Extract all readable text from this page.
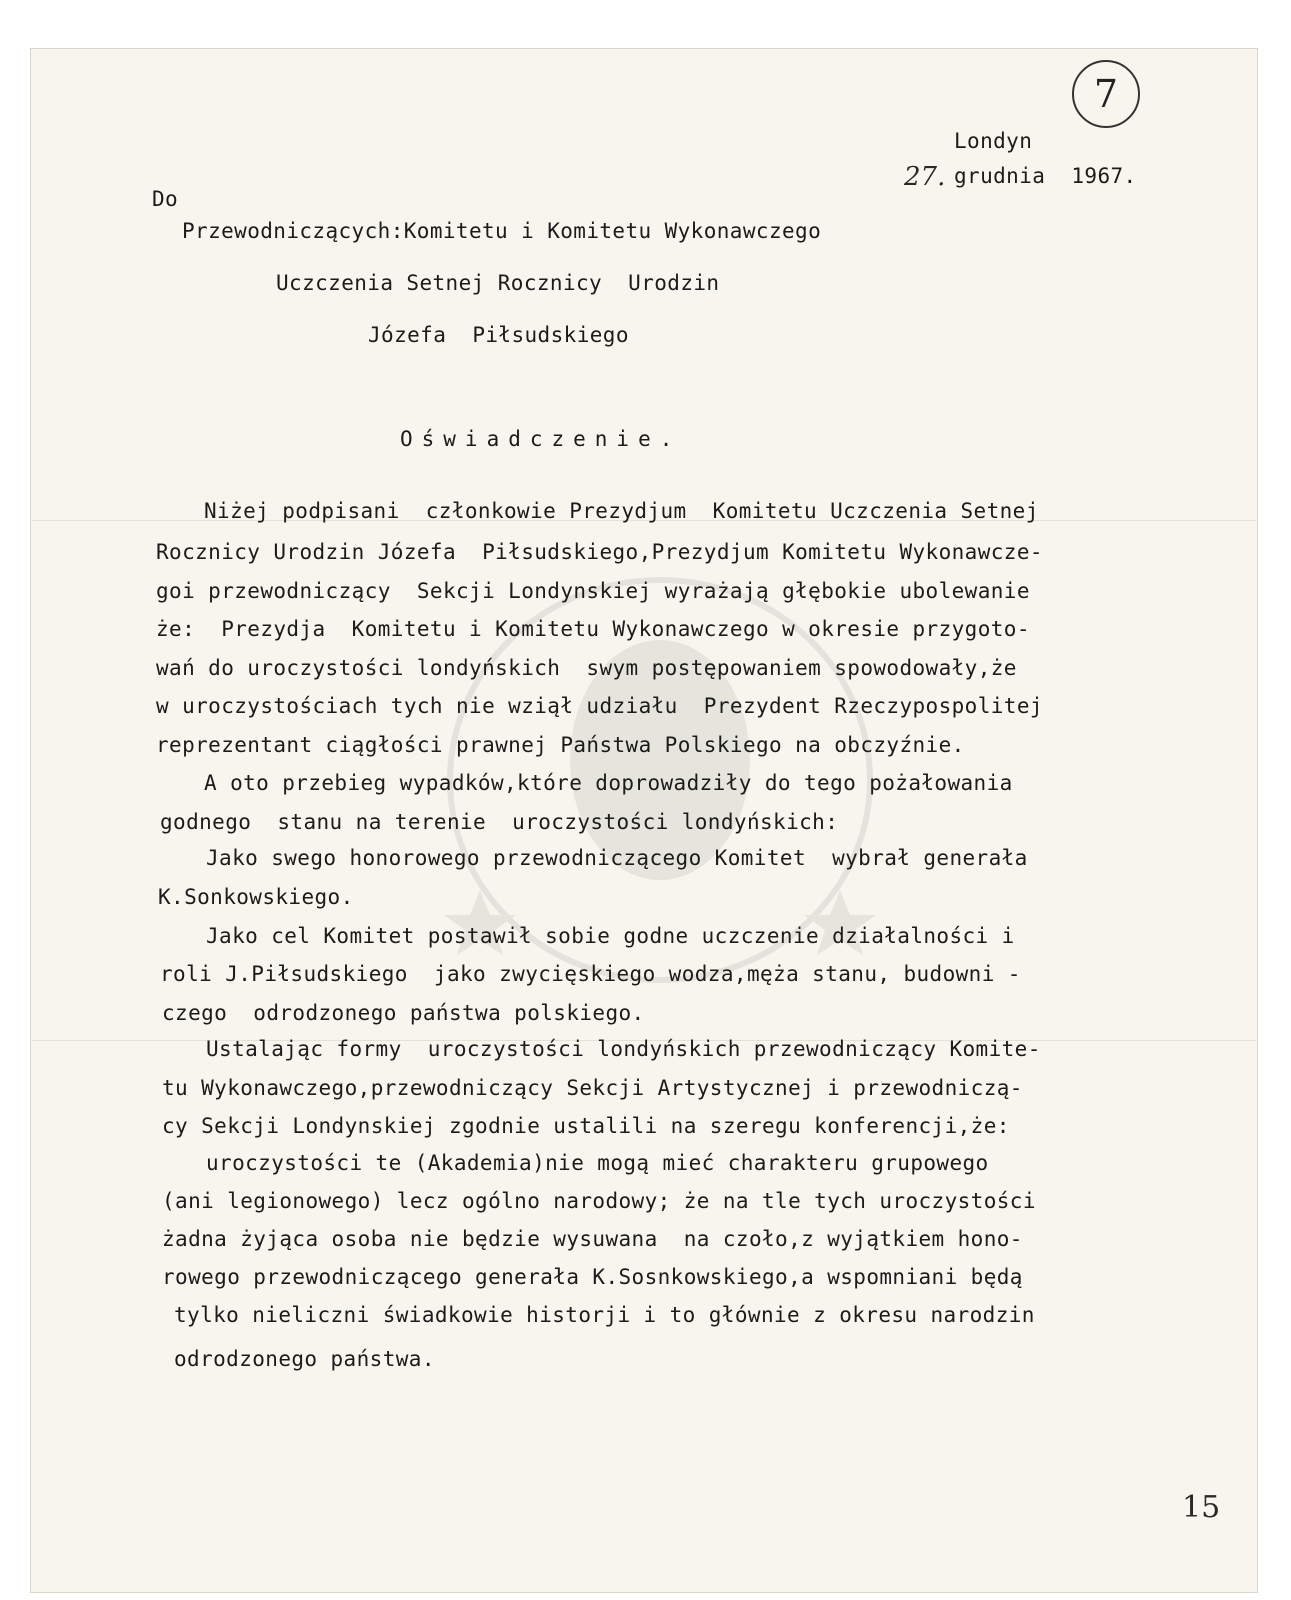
7
Londyn
27. grudnia  1967.
Do
Przewodniczących:Komitetu i Komitetu Wykonawczego
Uczczenia Setnej Rocznicy  Urodzin
Józefa  Piłsudskiego
Oświadczenie.
Niżej podpisani  członkowie Prezydjum  Komitetu Uczczenia Setnej
Rocznicy Urodzin Józefa  Piłsudskiego,Prezydjum Komitetu Wykonawcze-
goi przewodniczący  Sekcji Londynskiej wyrażają głębokie ubolewanie
że:  Prezydja  Komitetu i Komitetu Wykonawczego w okresie przygoto-
wań do uroczystości londyńskich  swym postępowaniem spowodowały,że
w uroczystościach tych nie wziął udziału  Prezydent Rzeczypospolitej
reprezentant ciągłości prawnej Państwa Polskiego na obczyźnie.
A oto przebieg wypadków,które doprowadziły do tego pożałowania
godnego  stanu na terenie  uroczystości londyńskich:
Jako swego honorowego przewodniczącego Komitet  wybrał generała
K.Sonkowskiego.
Jako cel Komitet postawił sobie godne uczczenie działalności i
roli J.Piłsudskiego  jako zwycięskiego wodza,męża stanu, budowni -
czego  odrodzonego państwa polskiego.
Ustalając formy  uroczystości londyńskich przewodniczący Komite-
tu Wykonawczego,przewodniczący Sekcji Artystycznej i przewodniczą-
cy Sekcji Londynskiej zgodnie ustalili na szeregu konferencji,że:
uroczystości te (Akademia)nie mogą mieć charakteru grupowego
(ani legionowego) lecz ogólno narodowy; że na tle tych uroczystości
żadna żyjąca osoba nie będzie wysuwana  na czoło,z wyjątkiem hono-
rowego przewodniczącego generała K.Sosnkowskiego,a wspomniani będą
tylko nieliczni świadkowie historji i to głównie z okresu narodzin
odrodzonego państwa.
15
